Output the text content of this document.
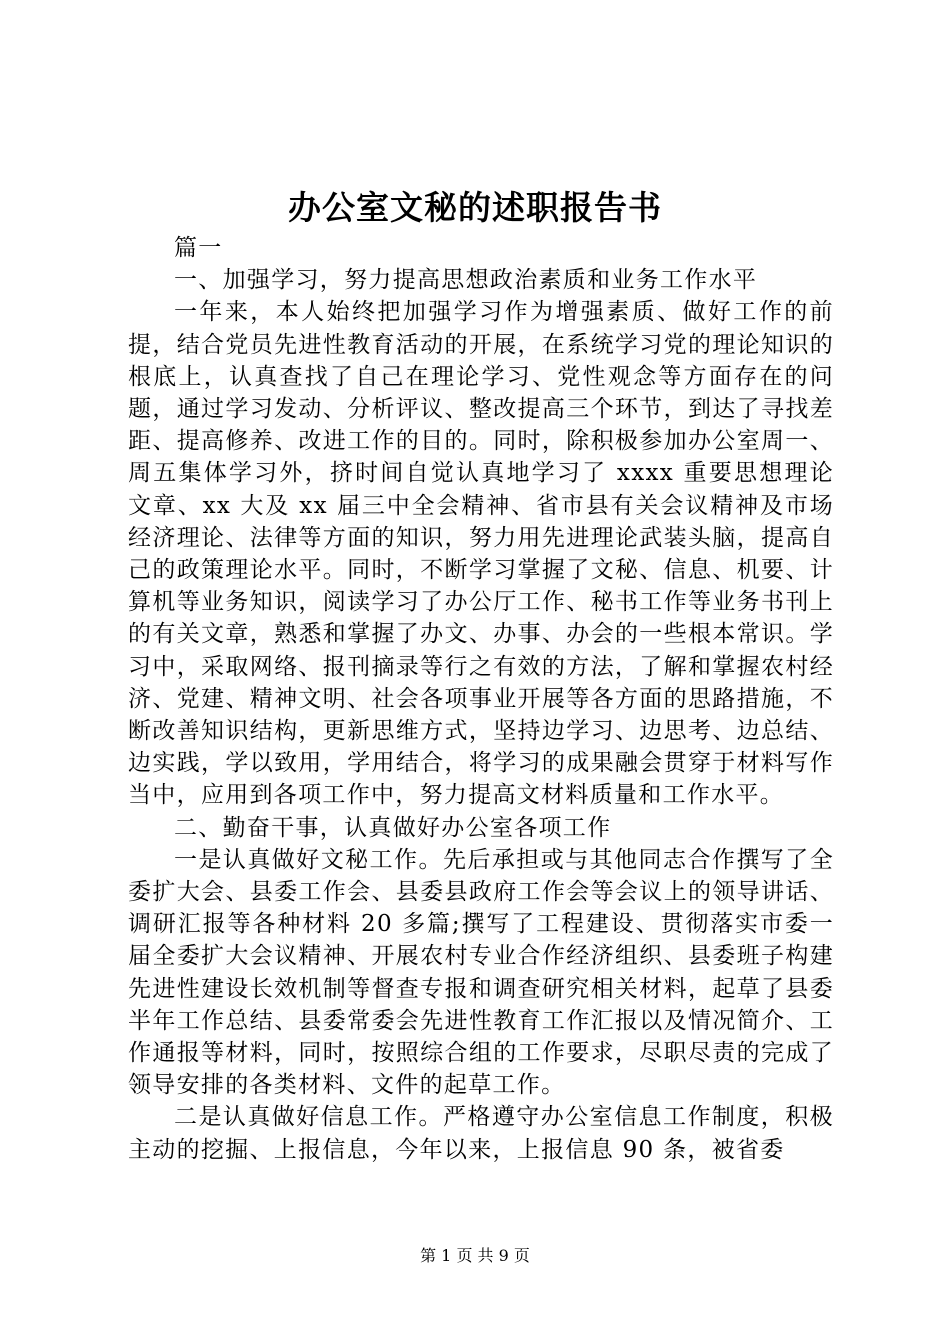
办公室文秘的述职报告书

篇一

一、加强学习，努力提高思想政治素质和业务工作水平

一年来，本人始终把加强学习作为增强素质、做好工作的前提，结合党员先进性教育活动的开展，在系统学习党的理论知识的根底上，认真查找了自己在理论学习、党性观念等方面存在的问题，通过学习发动、分析评议、整改提高三个环节，到达了寻找差距、提高修养、改进工作的目的。同时，除积极参加办公室周一、周五集体学习外，挤时间自觉认真地学习了 xxxx 重要思想理论文章、xx 大及 xx 届三中全会精神、省市县有关会议精神及市场经济理论、法律等方面的知识，努力用先进理论武装头脑，提高自己的政策理论水平。同时，不断学习掌握了文秘、信息、机要、计算机等业务知识，阅读学习了办公厅工作、秘书工作等业务书刊上的有关文章，熟悉和掌握了办文、办事、办会的一些根本常识。学习中，采取网络、报刊摘录等行之有效的方法，了解和掌握农村经济、党建、精神文明、社会各项事业开展等各方面的思路措施，不断改善知识结构，更新思维方式，坚持边学习、边思考、边总结、边实践，学以致用，学用结合，将学习的成果融会贯穿于材料写作当中，应用到各项工作中，努力提高文材料质量和工作水平。

二、勤奋干事，认真做好办公室各项工作

一是认真做好文秘工作。先后承担或与其他同志合作撰写了全委扩大会、县委工作会、县委县政府工作会等会议上的领导讲话、调研汇报等各种材料 20 多篇;撰写了工程建设、贯彻落实市委一届全委扩大会议精神、开展农村专业合作经济组织、县委班子构建先进性建设长效机制等督查专报和调查研究相关材料，起草了县委半年工作总结、县委常委会先进性教育工作汇报以及情况简介、工作通报等材料，同时，按照综合组的工作要求，尽职尽责的完成了领导安排的各类材料、文件的起草工作。

二是认真做好信息工作。严格遵守办公室信息工作制度，积极主动的挖掘、上报信息，今年以来，上报信息 90 条，被省委

第 1 页 共 9 页
